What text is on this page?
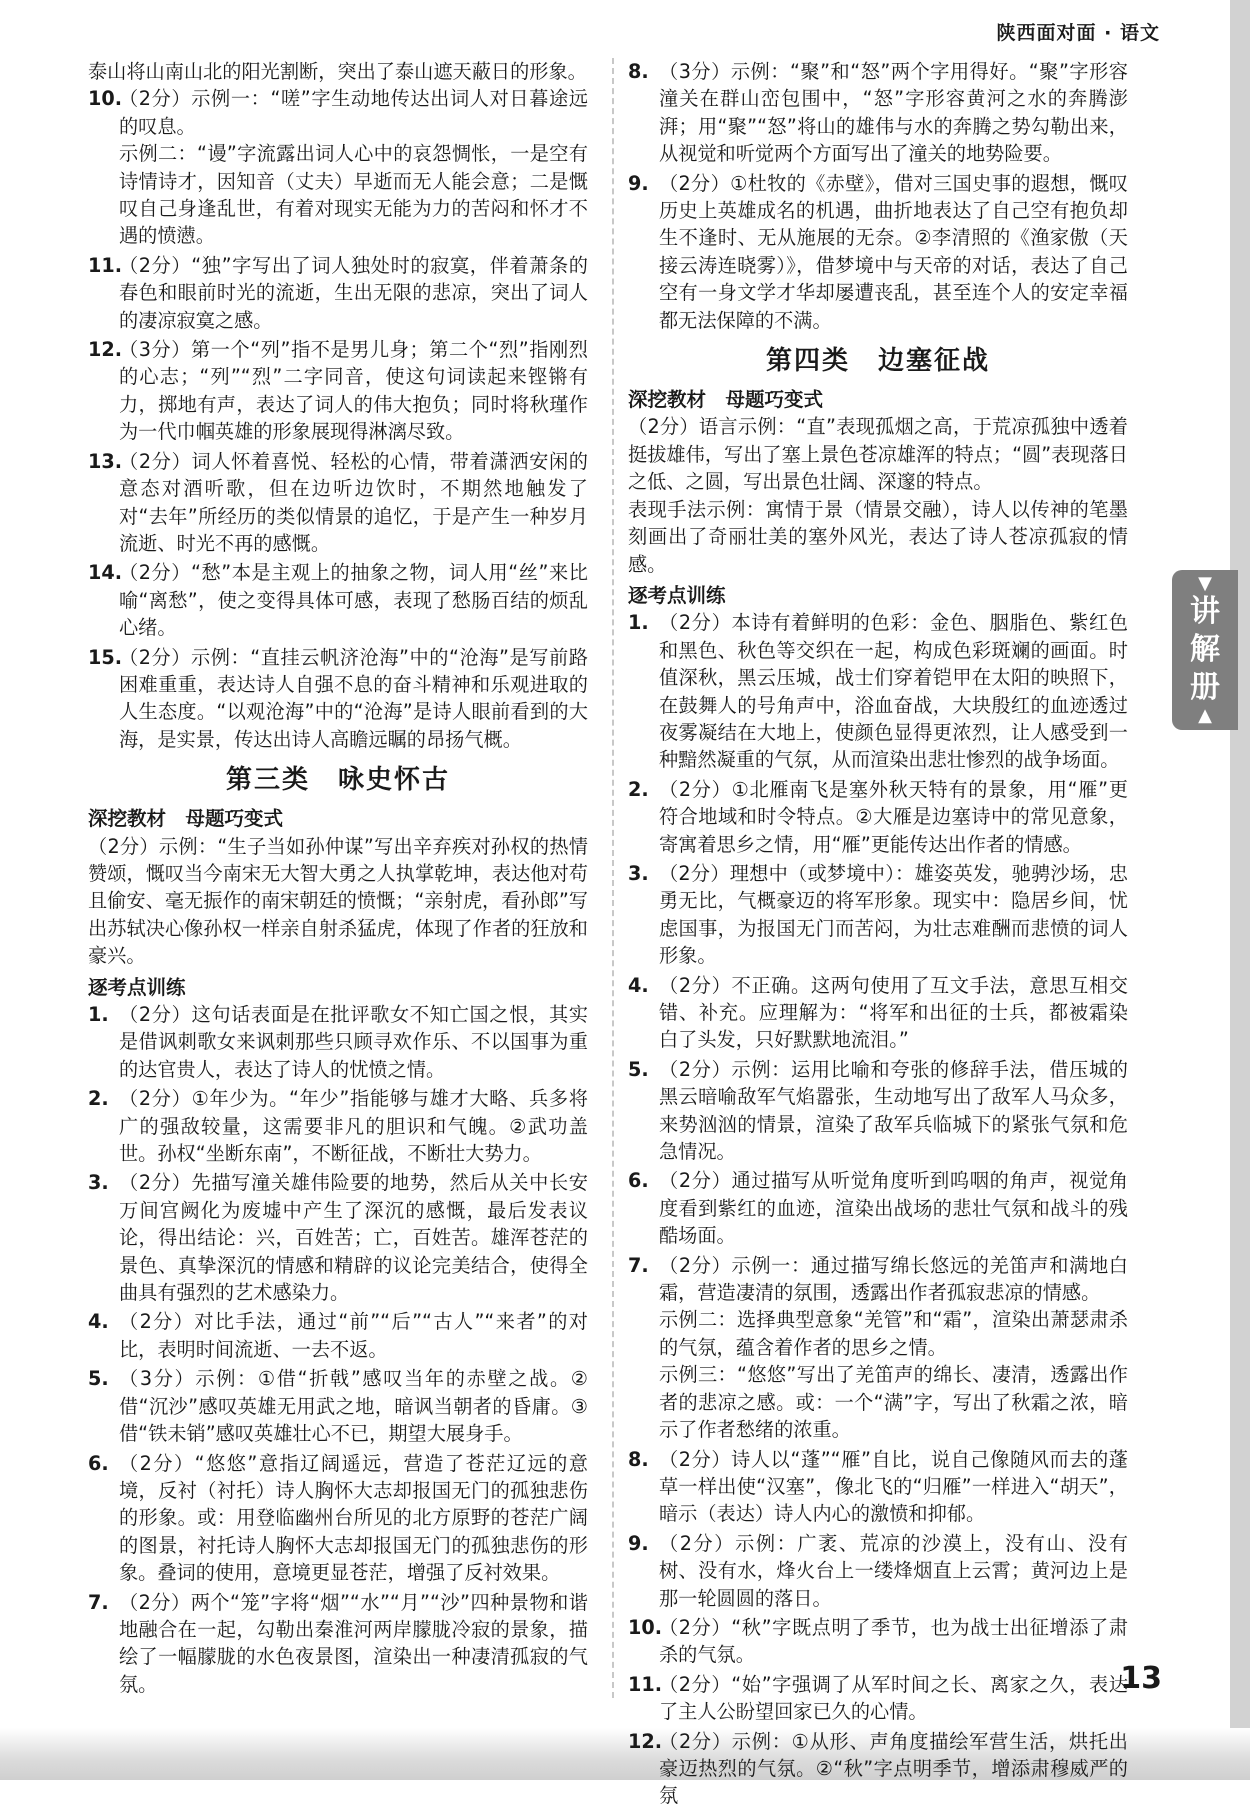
陕西面对面 · 语文

泰山将山南山北的阳光割断，突出了泰山遮天蔽日的形象。

10.

（2分）示例一：“嗟”字生动地传达出词人对日暮途远的叹息。

示例二：“谩”字流露出词人心中的哀怨惆怅，一是空有诗情诗才，因知音（丈夫）早逝而无人能会意；二是慨叹自己身逢乱世，有着对现实无能为力的苦闷和怀才不遇的愤懑。

11.

（2分）“独”字写出了词人独处时的寂寞，伴着萧条的春色和眼前时光的流逝，生出无限的悲凉，突出了词人的凄凉寂寞之感。

12.

（3分）第一个“列”指不是男儿身；第二个“烈”指刚烈的心志；“列”“烈”二字同音，使这句词读起来铿锵有力，掷地有声，表达了词人的伟大抱负；同时将秋瑾作为一代巾帼英雄的形象展现得淋漓尽致。

13.

（2分）词人怀着喜悦、轻松的心情，带着潇洒安闲的意态对酒听歌，但在边听边饮时，不期然地触发了对“去年”所经历的类似情景的追忆，于是产生一种岁月流逝、时光不再的感慨。

14.

（2分）“愁”本是主观上的抽象之物，词人用“丝”来比喻“离愁”，使之变得具体可感，表现了愁肠百结的烦乱心绪。

15.

（2分）示例：“直挂云帆济沧海”中的“沧海”是写前路困难重重，表达诗人自强不息的奋斗精神和乐观进取的人生态度。“以观沧海”中的“沧海”是诗人眼前看到的大海，是实景，传达出诗人高瞻远瞩的昂扬气概。

第三类　咏史怀古
深挖教材　母题巧变式

（2分）示例：“生子当如孙仲谋”写出辛弃疾对孙权的热情赞颂，慨叹当今南宋无大智大勇之人执掌乾坤，表达他对苟且偷安、毫无振作的南宋朝廷的愤慨；“亲射虎，看孙郎”写出苏轼决心像孙权一样亲自射杀猛虎，体现了作者的狂放和豪兴。

逐考点训练
1. （2分）这句话表面是在批评歌女不知亡国之恨，其实是借讽刺歌女来讽刺那些只顾寻欢作乐、不以国事为重的达官贵人，表达了诗人的忧愤之情。

2. （2分）①年少为。“年少”指能够与雄才大略、兵多将广的强敌较量，这需要非凡的胆识和气魄。②武功盖世。孙权“坐断东南”，不断征战，不断壮大势力。

3. （2分）先描写潼关雄伟险要的地势，然后从关中长安万间宫阙化为废墟中产生了深沉的感慨，最后发表议论，得出结论：兴，百姓苦；亡，百姓苦。雄浑苍茫的景色、真挚深沉的情感和精辟的议论完美结合，使得全曲具有强烈的艺术感染力。

4. （2分）对比手法，通过“前”“后”“古人”“来者”的对比，表明时间流逝、一去不返。

5. （3分）示例：①借“折戟”感叹当年的赤壁之战。②借“沉沙”感叹英雄无用武之地，暗讽当朝者的昏庸。③借“铁未销”感叹英雄壮心不已，期望大展身手。

6. （2分）“悠悠”意指辽阔遥远，营造了苍茫辽远的意境，反衬（衬托）诗人胸怀大志却报国无门的孤独悲伤的形象。或：用登临幽州台所见的北方原野的苍茫广阔的图景，衬托诗人胸怀大志却报国无门的孤独悲伤的形象。叠词的使用，意境更显苍茫，增强了反衬效果。

7. （2分）两个“笼”字将“烟”“水”“月”“沙”四种景物和谐地融合在一起，勾勒出秦淮河两岸朦胧冷寂的景象，描绘了一幅朦胧的水色夜景图，渲染出一种凄清孤寂的气氛。

8. （3分）示例：“聚”和“怒”两个字用得好。“聚”字形容潼关在群山峦包围中，“怒”字形容黄河之水的奔腾澎湃；用“聚”“怒”将山的雄伟与水的奔腾之势勾勒出来，从视觉和听觉两个方面写出了潼关的地势险要。

9. （2分）①杜牧的《赤壁》，借对三国史事的遐想，慨叹历史上英雄成名的机遇，曲折地表达了自己空有抱负却生不逢时、无从施展的无奈。②李清照的《渔家傲（天接云涛连晓雾）》，借梦境中与天帝的对话，表达了自己空有一身文学才华却屡遭丧乱，甚至连个人的安定幸福都无法保障的不满。

第四类　边塞征战
深挖教材　母题巧变式

（2分）语言示例：“直”表现孤烟之高，于荒凉孤独中透着挺拔雄伟，写出了塞上景色苍凉雄浑的特点；“圆”表现落日之低、之圆，写出景色壮阔、深邃的特点。

表现手法示例：寓情于景（情景交融），诗人以传神的笔墨刻画出了奇丽壮美的塞外风光，表达了诗人苍凉孤寂的情感。

逐考点训练
1. （2分）本诗有着鲜明的色彩：金色、胭脂色、紫红色和黑色、秋色等交织在一起，构成色彩斑斓的画面。时值深秋，黑云压城，战士们穿着铠甲在太阳的映照下，在鼓舞人的号角声中，浴血奋战，大块殷红的血迹透过夜雾凝结在大地上，使颜色显得更浓烈，让人感受到一种黯然凝重的气氛，从而渲染出悲壮惨烈的战争场面。

2. （2分）①北雁南飞是塞外秋天特有的景象，用“雁”更符合地域和时令特点。②大雁是边塞诗中的常见意象，寄寓着思乡之情，用“雁”更能传达出作者的情感。

3. （2分）理想中（或梦境中）：雄姿英发，驰骋沙场，忠勇无比，气概豪迈的将军形象。现实中：隐居乡间，忧虑国事，为报国无门而苦闷，为壮志难酬而悲愤的词人形象。

4. （2分）不正确。这两句使用了互文手法，意思互相交错、补充。应理解为：“将军和出征的士兵，都被霜染白了头发，只好默默地流泪。”

5. （2分）示例：运用比喻和夸张的修辞手法，借压城的黑云暗喻敌军气焰嚣张，生动地写出了敌军人马众多，来势汹汹的情景，渲染了敌军兵临城下的紧张气氛和危急情况。

6. （2分）通过描写从听觉角度听到呜咽的角声，视觉角度看到紫红的血迹，渲染出战场的悲壮气氛和战斗的残酷场面。

7. （2分）示例一：通过描写绵长悠远的羌笛声和满地白霜，营造凄清的氛围，透露出作者孤寂悲凉的情感。

示例二：选择典型意象“羌管”和“霜”，渲染出萧瑟肃杀的气氛，蕴含着作者的思乡之情。

示例三：“悠悠”写出了羌笛声的绵长、凄清，透露出作者的悲凉之感。或：一个“满”字，写出了秋霜之浓，暗示了作者愁绪的浓重。

8. （2分）诗人以“蓬”“雁”自比，说自己像随风而去的蓬草一样出使“汉塞”，像北飞的“归雁”一样进入“胡天”，暗示（表达）诗人内心的激愤和抑郁。

9. （2分）示例：广袤、荒凉的沙漠上，没有山、没有树、没有水，烽火台上一缕烽烟直上云霄；黄河边上是那一轮圆圆的落日。

10.

（2分）“秋”字既点明了季节，也为战士出征增添了肃杀的气氛。

11.

（2分）“始”字强调了从军时间之长、离家之久，表达了主人公盼望回家已久的心情。

12.

（2分）示例：①从形、声角度描绘军营生活，烘托出豪迈热烈的气氛。②“秋”字点明季节，增添肃穆威严的氛

▼
讲
解
册
▲
13
